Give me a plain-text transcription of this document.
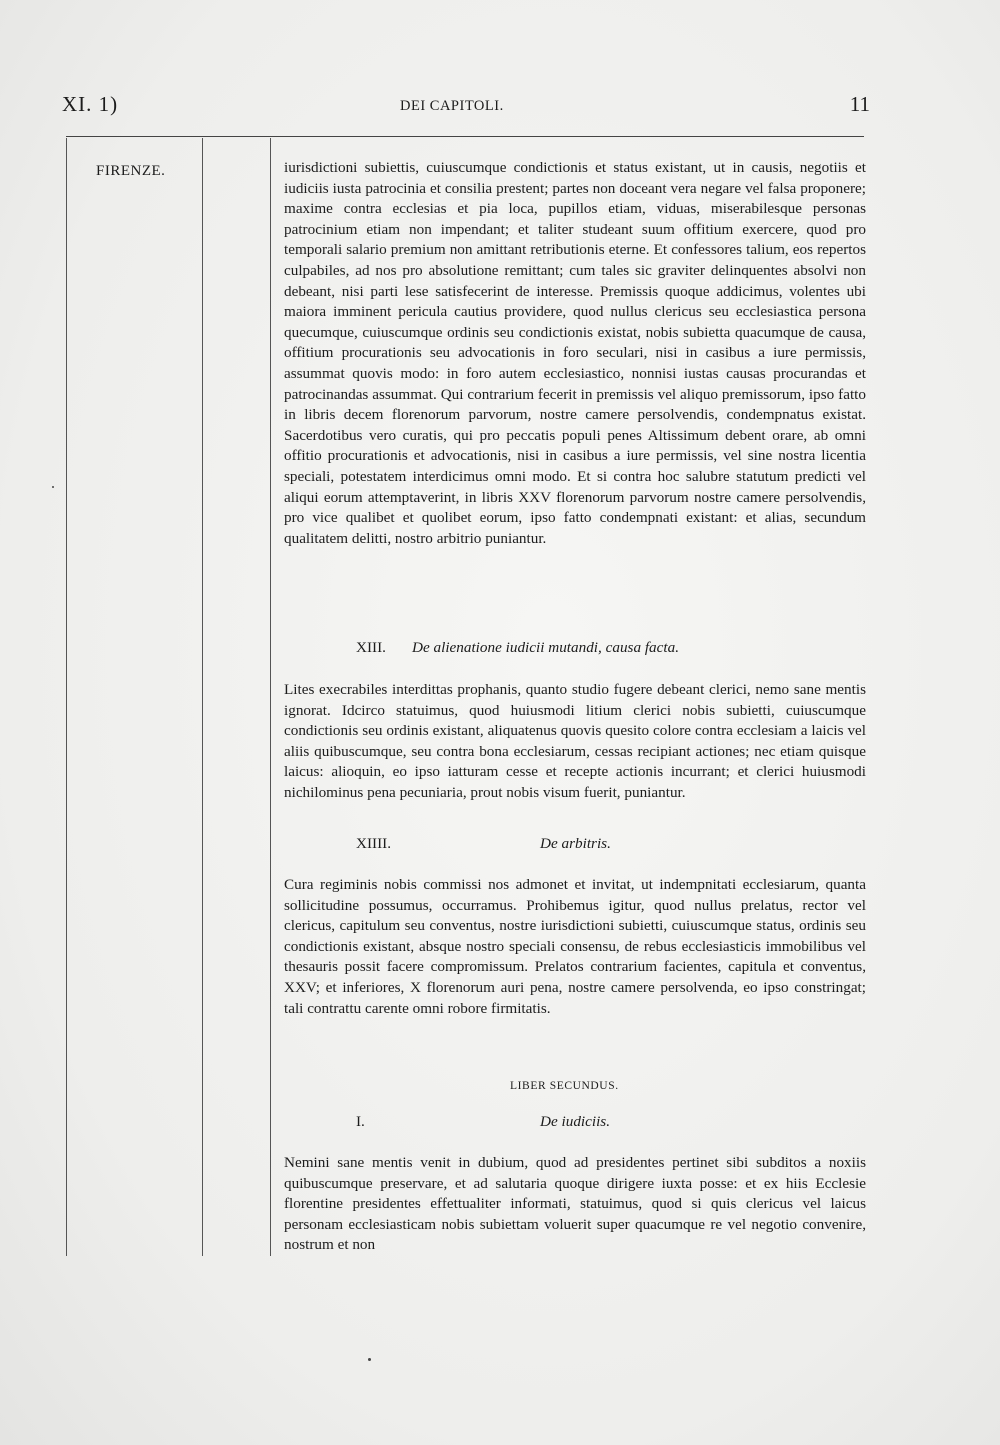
XI. 1)	DEI CAPITOLI.	11
FIRENZE.	iurisdictioni subiettis, cuiuscumque condictionis et status existant, ut in causis, negotiis et iudiciis iusta patrocinia et consilia prestent; partes non doceant vera negare vel falsa proponere; maxime contra ecclesias et pia loca, pupillos etiam, viduas, miserabilesque personas patrocinium etiam non impendant; et taliter studeant suum offitium exercere, quod pro temporali salario premium non amittant retributionis eterne. Et confessores talium, eos repertos culpabiles, ad nos pro absolutione remittant; cum tales sic graviter delinquentes absolvi non debeant, nisi parti lese satisfecerint de interesse. Premissis quoque addicimus, volentes ubi maiora imminent pericula cautius providere, quod nullus clericus seu ecclesiastica persona quecumque, cuiuscumque ordinis seu condictionis existat, nobis subietta quacumque de causa, offitium procurationis seu advocationis in foro seculari, nisi in casibus a iure permissis, assummat quovis modo: in foro autem ecclesiastico, nonnisi iustas causas procurandas et patrocinandas assummat. Qui contrarium fecerit in premissis vel aliquo premissorum, ipso fatto in libris decem florenorum parvorum, nostre camere persolvendis, condempnatus existat. Sacerdotibus vero curatis, qui pro peccatis populi penes Altissimum debent orare, ab omni offitio procurationis et advocationis, nisi in casibus a iure permissis, vel sine nostra licentia speciali, potestatem interdicimus omni modo. Et si contra hoc salubre statutum predicti vel aliqui eorum attemptaverint, in libris XXV florenorum parvorum nostre camere persolvendis, pro vice qualibet et quolibet eorum, ipso fatto condempnati existant: et alias, secundum qualitatem delitti, nostro arbitrio puniantur.

XIII. De alienatione iudicii mutandi, causa facta.

Lites execrabiles interdittas prophanis, quanto studio fugere debeant clerici, nemo sane mentis ignorat. Idcirco statuimus, quod huiusmodi litium clerici nobis subietti, cuiuscumque condictionis seu ordinis existant, aliquatenus quovis quesito colore contra ecclesiam a laicis vel aliis quibuscumque, seu contra bona ecclesiarum, cessas recipiant actiones; nec etiam quisque laicus: alioquin, eo ipso iatturam cesse et recepte actionis incurrant; et clerici huiusmodi nichilominus pena pecuniaria, prout nobis visum fuerit, puniantur.

XIIII.	De arbitris.

Cura regiminis nobis commissi nos admonet et invitat, ut indempnitati ecclesiarum, quanta sollicitudine possumus, occurramus. Prohibemus igitur, quod nullus prelatus, rector vel clericus, capitulum seu conventus, nostre iurisdictioni subietti, cuiuscumque status, ordinis seu condictionis existant, absque nostro speciali consensu, de rebus ecclesiasticis immobilibus vel thesauris possit facere compromissum. Prelatos contrarium facientes, capitula et conventus, XXV; et inferiores, X florenorum auri pena, nostre camere persolvenda, eo ipso constringat; tali contrattu carente omni robore firmitatis.

LIBER SECUNDUS.
I.	De iudiciis.

Nemini sane mentis venit in dubium, quod ad presidentes pertinet sibi subditos a noxiis quibuscumque preservare, et ad salutaria quoque dirigere iuxta posse: et ex hiis Ecclesie florentine presidentes effettualiter informati, statuimus, quod si quis clericus vel laicus personam ecclesiasticam nobis subiettam voluerit super quacumque re vel negotio convenire, nostrum et non
